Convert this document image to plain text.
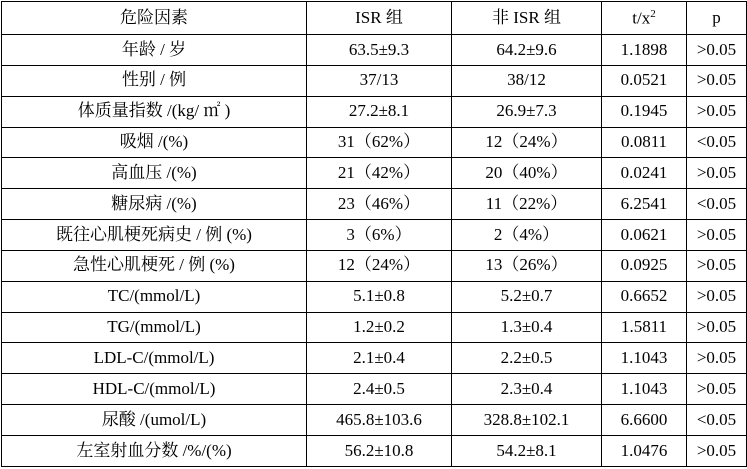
危险因素	ISR 组	非 ISR 组	$t/x^2$	p
年龄 / 岁	63.5±9.3	64.2±9.6	1.1898	>0.05
性别 / 例	37/13	38/12	0.0521	>0.05
体质量指数 /(kg/ ㎡ )	27.2±8.1	26.9±7.3	0.1945	>0.05
吸烟 /(%)	31（62%）	12（24%）	0.0811	<0.05
高血压 /(%)	21（42%）	20（40%）	0.0241	>0.05
糖尿病 /(%)	23（46%）	11（22%）	6.2541	<0.05
既往心肌梗死病史 / 例 (%)	3（6%）	2（4%）	0.0621	>0.05
急性心肌梗死 / 例 (%)	12（24%）	13（26%）	0.0925	>0.05
TC/(mmol/L)	5.1±0.8	5.2±0.7	0.6652	>0.05
TG/(mmol/L)	1.2±0.2	1.3±0.4	1.5811	>0.05
LDL-C/(mmol/L)	2.1±0.4	2.2±0.5	1.1043	>0.05
HDL-C/(mmol/L)	2.4±0.5	2.3±0.4	1.1043	>0.05
尿酸 /(umol/L)	465.8±103.6	328.8±102.1	6.6600	<0.05
左室射血分数 /%/(%)	56.2±10.8	54.2±8.1	1.0476	>0.05
